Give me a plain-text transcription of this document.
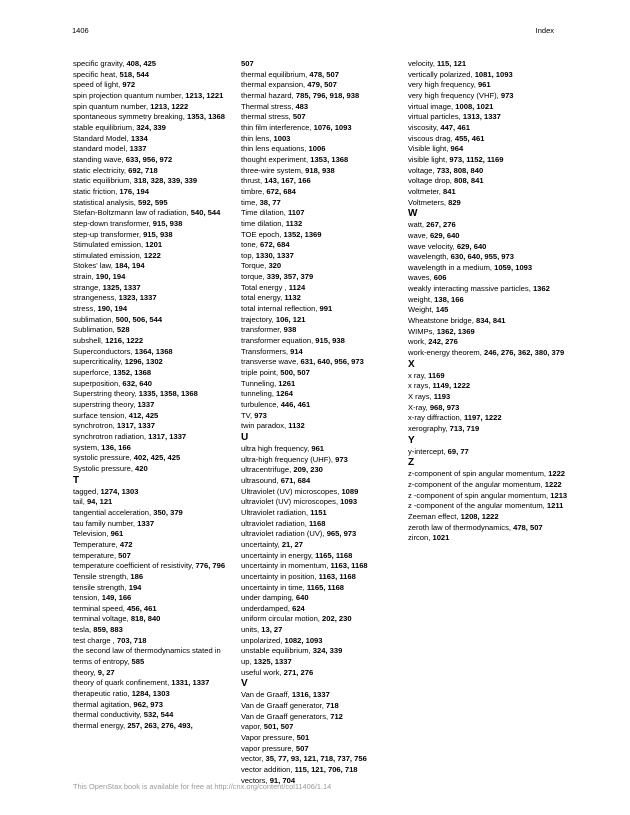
1406	Index
specific gravity, 408, 425
specific heat, 518, 544
speed of light, 972
spin projection quantum number, 1213, 1221
spin quantum number, 1213, 1222
spontaneous symmetry breaking, 1353, 1368
stable equilibrium, 324, 339
Standard Model, 1334
standard model, 1337
standing wave, 633, 956, 972
static electricity, 692, 718
static equilibrium, 318, 328, 339, 339
static friction, 176, 194
statistical analysis, 592, 595
Stefan-Boltzmann law of radiation, 540, 544
step-down transformer, 915, 938
step-up transformer, 915, 938
Stimulated emission, 1201
stimulated emission, 1222
Stokes' law, 184, 194
strain, 190, 194
strange, 1325, 1337
strangeness, 1323, 1337
stress, 190, 194
sublimation, 500, 506, 544
Sublimation, 528
subshell, 1216, 1222
Superconductors, 1364, 1368
supercriticality, 1296, 1302
superforce, 1352, 1368
superposition, 632, 640
Superstring theory, 1335, 1358, 1368
superstring theory, 1337
surface tension, 412, 425
synchrotron, 1317, 1337
synchrotron radiation, 1317, 1337
system, 136, 166
systolic pressure, 402, 425, 425
Systolic pressure, 420
T
tagged, 1274, 1303
tail, 94, 121
tangential acceleration, 350, 379
tau family number, 1337
Television, 961
Temperature, 472
temperature, 507
temperature coefficient of resistivity, 776, 796
Tensile strength, 186
tensile strength, 194
tension, 149, 166
terminal speed, 456, 461
terminal voltage, 818, 840
tesla, 859, 883
test charge , 703, 718
the second law of thermodynamics stated in terms of entropy, 585
theory, 9, 27
theory of quark confinement, 1331, 1337
therapeutic ratio, 1284, 1303
thermal agitation, 962, 973
thermal conductivity, 532, 544
thermal energy, 257, 263, 276, 493,
507
thermal equilibrium, 478, 507
thermal expansion, 479, 507
thermal hazard, 785, 796, 918, 938
Thermal stress, 483
thermal stress, 507
thin film interference, 1076, 1093
thin lens, 1003
thin lens equations, 1006
thought experiment, 1353, 1368
three-wire system, 918, 938
thrust, 143, 167, 166
timbre, 672, 684
time, 38, 77
Time dilation, 1107
time dilation, 1132
TOE epoch, 1352, 1369
tone, 672, 684
top, 1330, 1337
Torque, 320
torque, 339, 357, 379
Total energy , 1124
total energy, 1132
total internal reflection, 991
trajectory, 106, 121
transformer, 938
transformer equation, 915, 938
Transformers, 914
transverse wave, 631, 640, 956, 973
triple point, 500, 507
Tunneling, 1261
tunneling, 1264
turbulence, 446, 461
TV, 973
twin paradox, 1132
U
ultra high frequency, 961
ultra-high frequency (UHF), 973
ultracentrifuge, 209, 230
ultrasound, 671, 684
Ultraviolet (UV) microscopes, 1089
ultraviolet (UV) microscopes, 1093
Ultraviolet radiation, 1151
ultraviolet radiation, 1168
ultraviolet radiation (UV), 965, 973
uncertainty, 21, 27
uncertainty in energy, 1165, 1168
uncertainty in momentum, 1163, 1168
uncertainty in position, 1163, 1168
uncertainty in time, 1165, 1168
under damping, 640
underdamped, 624
uniform circular motion, 202, 230
units, 13, 27
unpolarized, 1082, 1093
unstable equilibrium, 324, 339
up, 1325, 1337
useful work, 271, 276
V
Van de Graaff, 1316, 1337
Van de Graaff generator, 718
Van de Graaff generators, 712
vapor, 501, 507
Vapor pressure, 501
vapor pressure, 507
vector, 35, 77, 93, 121, 718, 737, 756
vector addition, 115, 121, 706, 718
vectors, 91, 704
velocity, 115, 121
vertically polarized, 1081, 1093
very high frequency, 961
very high frequency (VHF), 973
virtual image, 1008, 1021
virtual particles, 1313, 1337
viscosity, 447, 461
viscous drag, 455, 461
Visible light, 964
visible light, 973, 1152, 1169
voltage, 733, 808, 840
voltage drop, 808, 841
voltmeter, 841
Voltmeters, 829
W
watt, 267, 276
wave, 629, 640
wave velocity, 629, 640
wavelength, 630, 640, 955, 973
wavelength in a medium, 1059, 1093
waves, 606
weakly interacting massive particles, 1362
weight, 138, 166
Weight, 145
Wheatstone bridge, 834, 841
WIMPs, 1362, 1369
work, 242, 276
work-energy theorem, 246, 276, 362, 380, 379
X
x ray, 1169
x rays, 1149, 1222
X rays, 1193
X-ray, 968, 973
x-ray diffraction, 1197, 1222
xerography, 713, 719
Y
y-intercept, 69, 77
Z
z-component of spin angular momentum, 1222
z-component of the angular momentum, 1222
z -component of spin angular momentum, 1213
z -component of the angular momentum, 1211
Zeeman effect, 1208, 1222
zeroth law of thermodynamics, 478, 507
zircon, 1021
This OpenStax book is available for free at http://cnx.org/content/col11406/1.14
